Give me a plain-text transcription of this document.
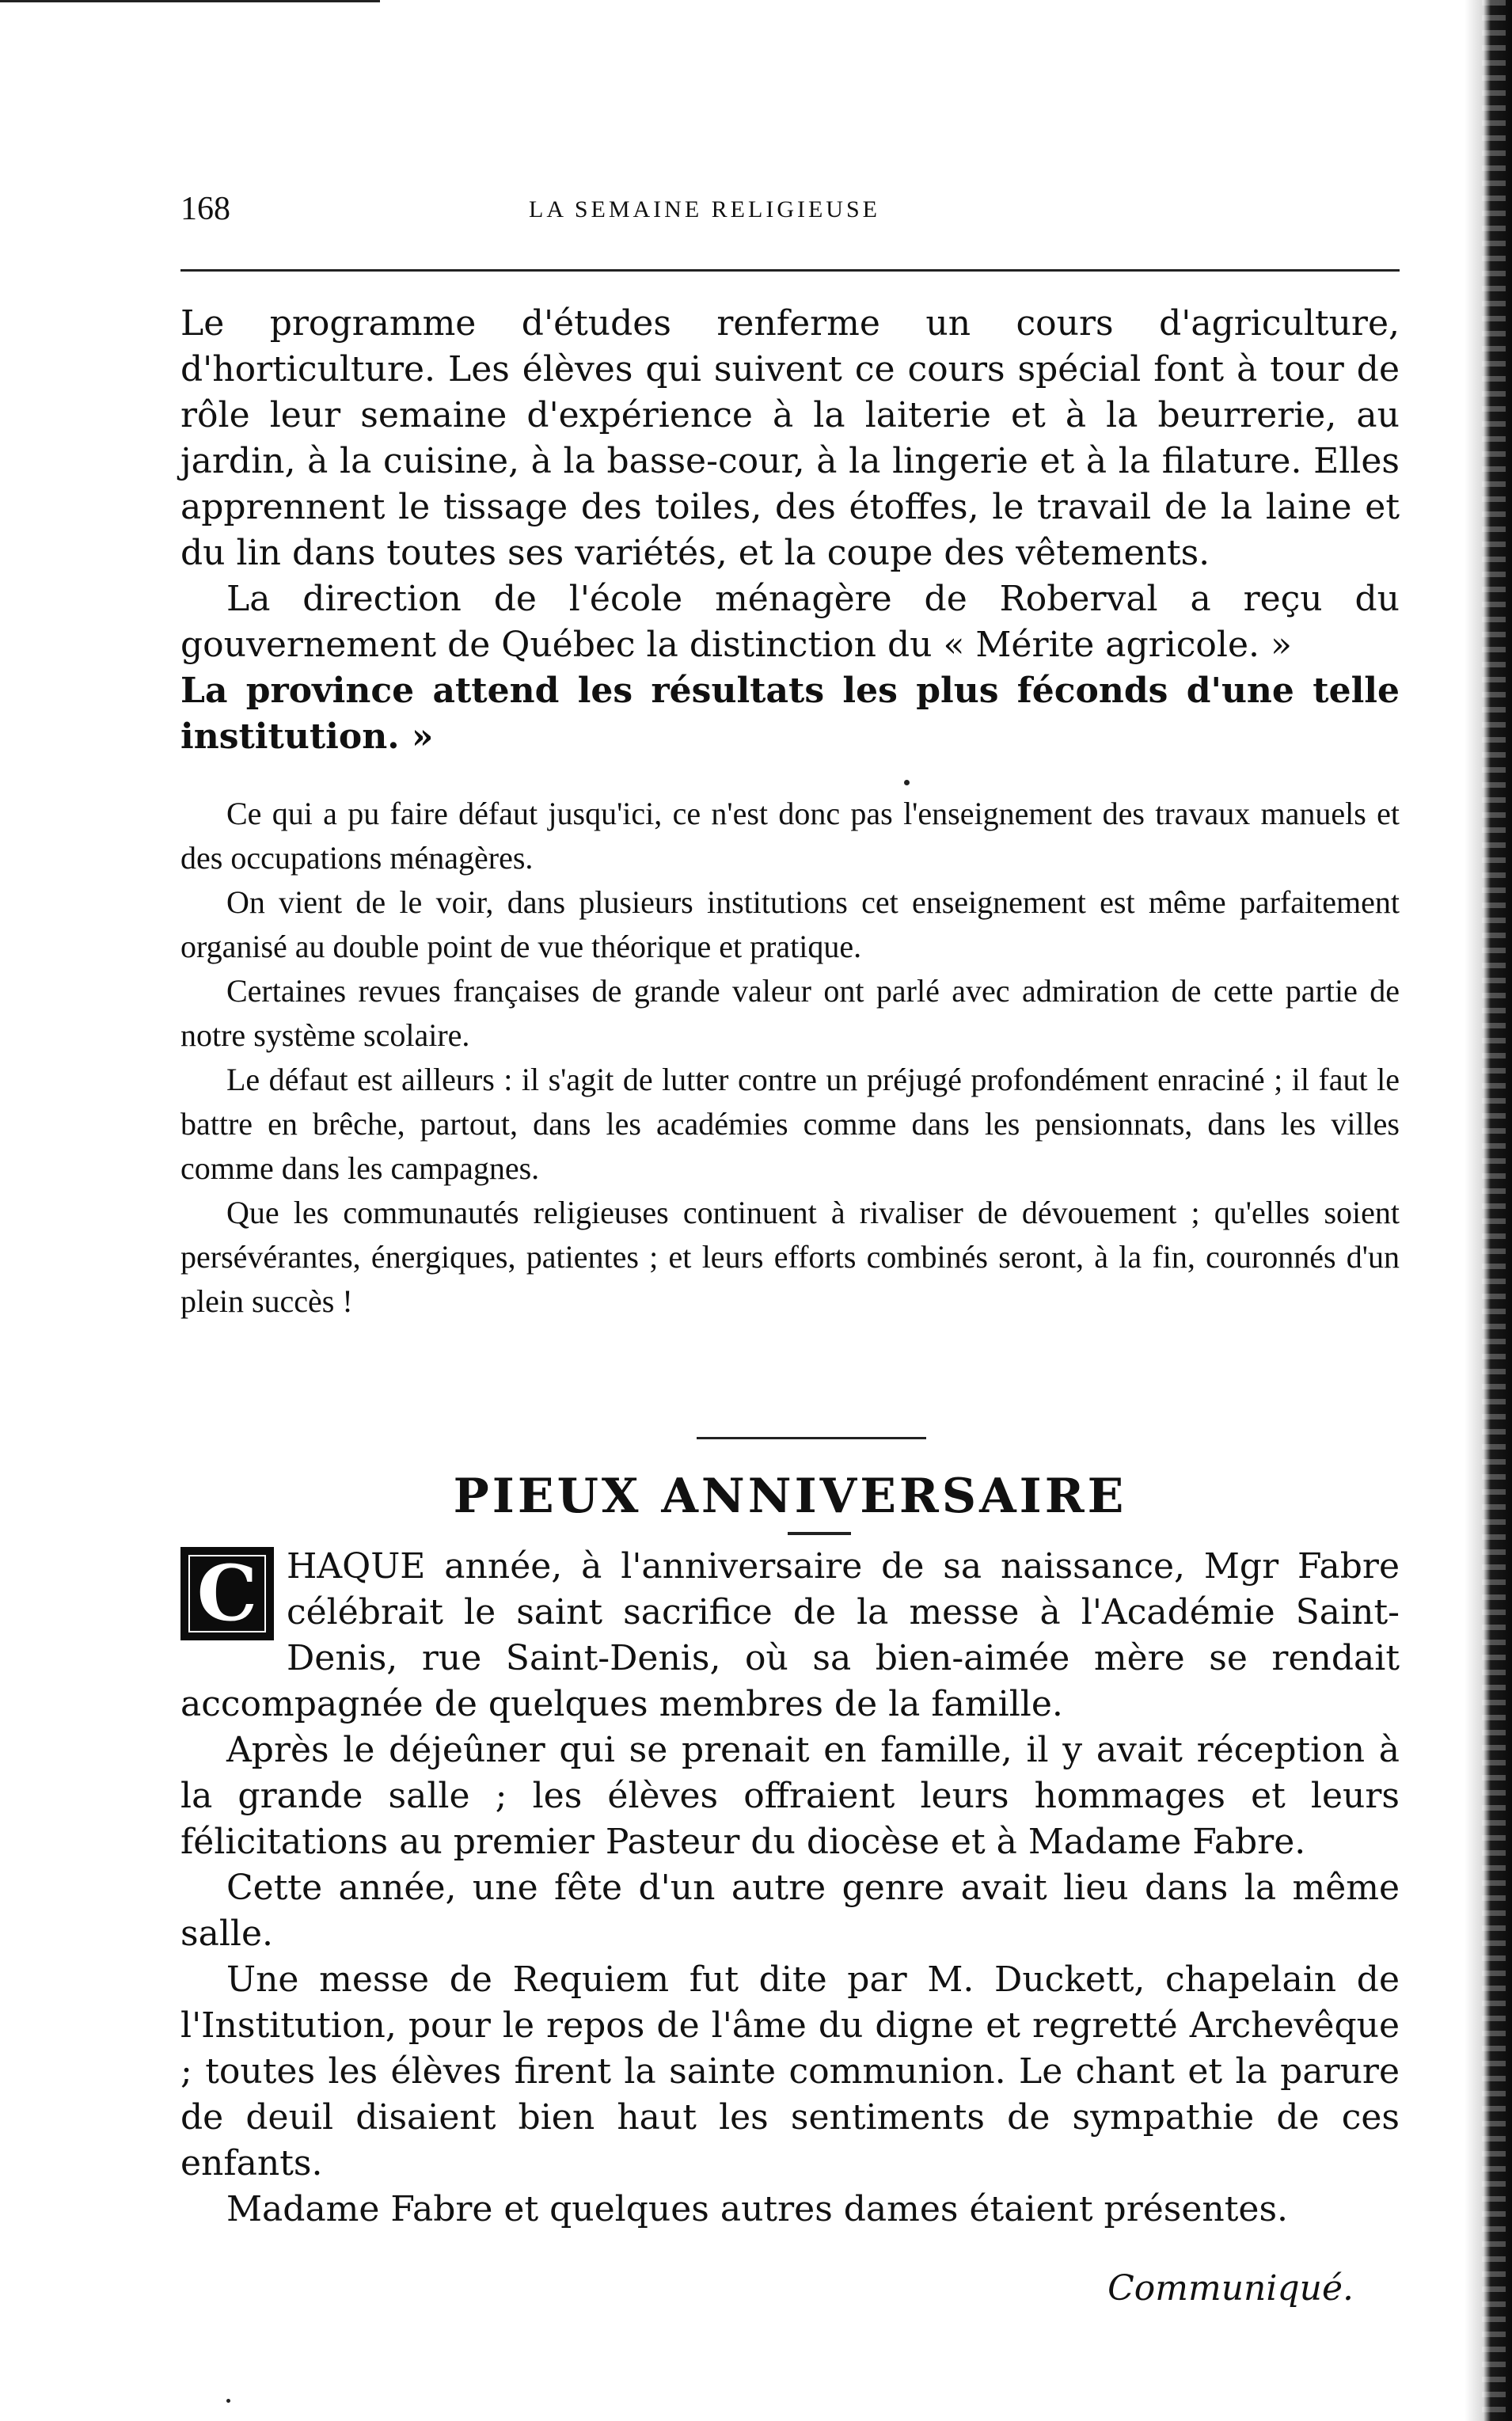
168	LA SEMAINE RELIGIEUSE

Le programme d'études renferme un cours d'agriculture, d'horticulture. Les élèves qui suivent ce cours spécial font à tour de rôle leur semaine d'expérience à la laiterie et à la beurrerie, au jardin, à la cuisine, à la basse-cour, à la lingerie et à la filature. Elles apprennent le tissage des toiles, des étoffes, le travail de la laine et du lin dans toutes ses variétés, et la coupe des vêtements.

La direction de l'école ménagère de Roberval a reçu du gouvernement de Québec la distinction du « Mérite agricole. »

La province attend les résultats les plus féconds d'une telle institution. »

Ce qui a pu faire défaut jusqu'ici, ce n'est donc pas l'enseignement des travaux manuels et des occupations ménagères.

On vient de le voir, dans plusieurs institutions cet enseignement est même parfaitement organisé au double point de vue théorique et pratique.

Certaines revues françaises de grande valeur ont parlé avec admiration de cette partie de notre système scolaire.

Le défaut est ailleurs : il s'agit de lutter contre un préjugé profondément enraciné ; il faut le battre en brêche, partout, dans les académies comme dans les pensionnats, dans les villes comme dans les campagnes.

Que les communautés religieuses continuent à rivaliser de dévouement ; qu'elles soient persévérantes, énergiques, patientes ; et leurs efforts combinés seront, à la fin, couronnés d'un plein succès !

PIEUX ANNIVERSAIRE

C HAQUE année, à l'anniversaire de sa naissance, Mgr Fabre célébrait le saint sacrifice de la messe à l'Académie Saint-Denis, rue Saint-Denis, où sa bien-aimée mère se rendait accompagnée de quelques membres de la famille.

Après le déjeûner qui se prenait en famille, il y avait réception à la grande salle ; les élèves offraient leurs hommages et leurs félicitations au premier Pasteur du diocèse et à Madame Fabre.

Cette année, une fête d'un autre genre avait lieu dans la même salle.

Une messe de Requiem fut dite par M. Duckett, chapelain de l'Institution, pour le repos de l'âme du digne et regretté Archevêque ; toutes les élèves firent la sainte communion. Le chant et la parure de deuil disaient bien haut les sentiments de sympathie de ces enfants.

Madame Fabre et quelques autres dames étaient présentes.

Communiqué.
